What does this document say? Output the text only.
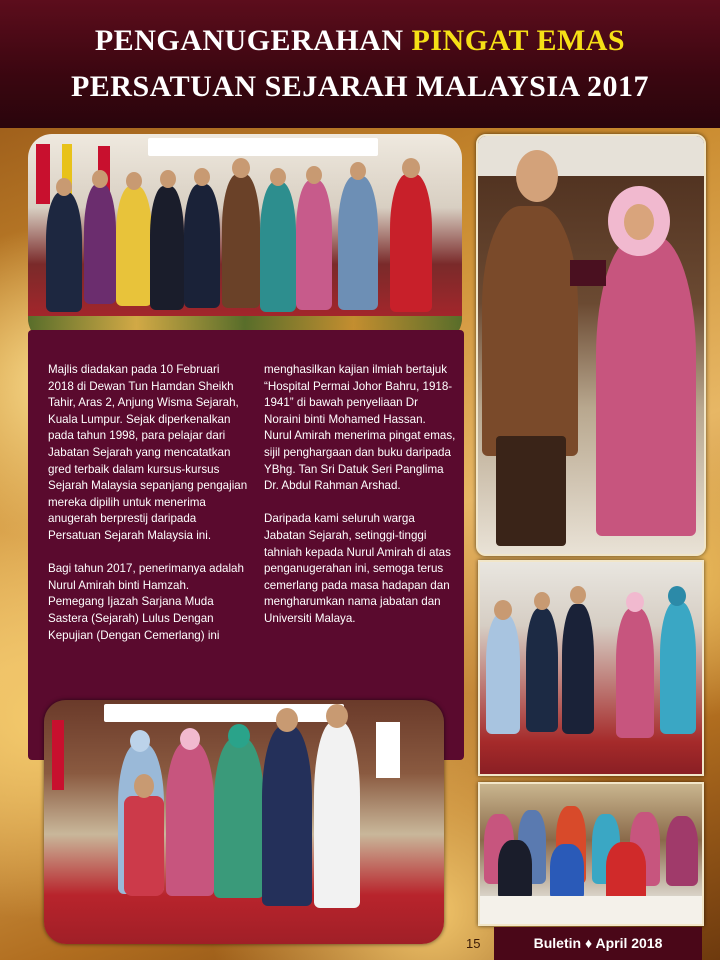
PENGANUGERAHAN PINGAT EMAS
PERSATUAN SEJARAH MALAYSIA 2017

Majlis diadakan pada 10 Februari 2018 di Dewan Tun Hamdan Sheikh Tahir, Aras 2, Anjung Wisma Sejarah, Kuala Lumpur. Sejak diperkenalkan pada tahun 1998, para pelajar dari Jabatan Sejarah yang mencatatkan gred terbaik dalam kursus-kursus Sejarah Malaysia sepanjang pengajian mereka dipilih untuk menerima anugerah berprestij daripada Persatuan Sejarah Malaysia ini.

Bagi tahun 2017, penerimanya adalah Nurul Amirah binti Hamzah. Pemegang Ijazah Sarjana Muda Sastera (Sejarah) Lulus Dengan Kepujian (Dengan Cemerlang) ini

menghasilkan kajian ilmiah bertajuk “Hospital Permai Johor Bahru, 1918-1941” di bawah penyeliaan Dr Noraini binti Mohamed Hassan. Nurul Amirah menerima pingat emas, sijil penghargaan dan buku daripada YBhg. Tan Sri Datuk Seri Panglima Dr. Abdul Rahman Arshad.

Daripada kami seluruh warga Jabatan Sejarah, setinggi-tinggi tahniah kepada Nurul Amirah di atas penganugerahan ini, semoga terus cemerlang pada masa hadapan dan mengharumkan nama jabatan dan Universiti Malaya.

15	Buletin ♦ April 2018
